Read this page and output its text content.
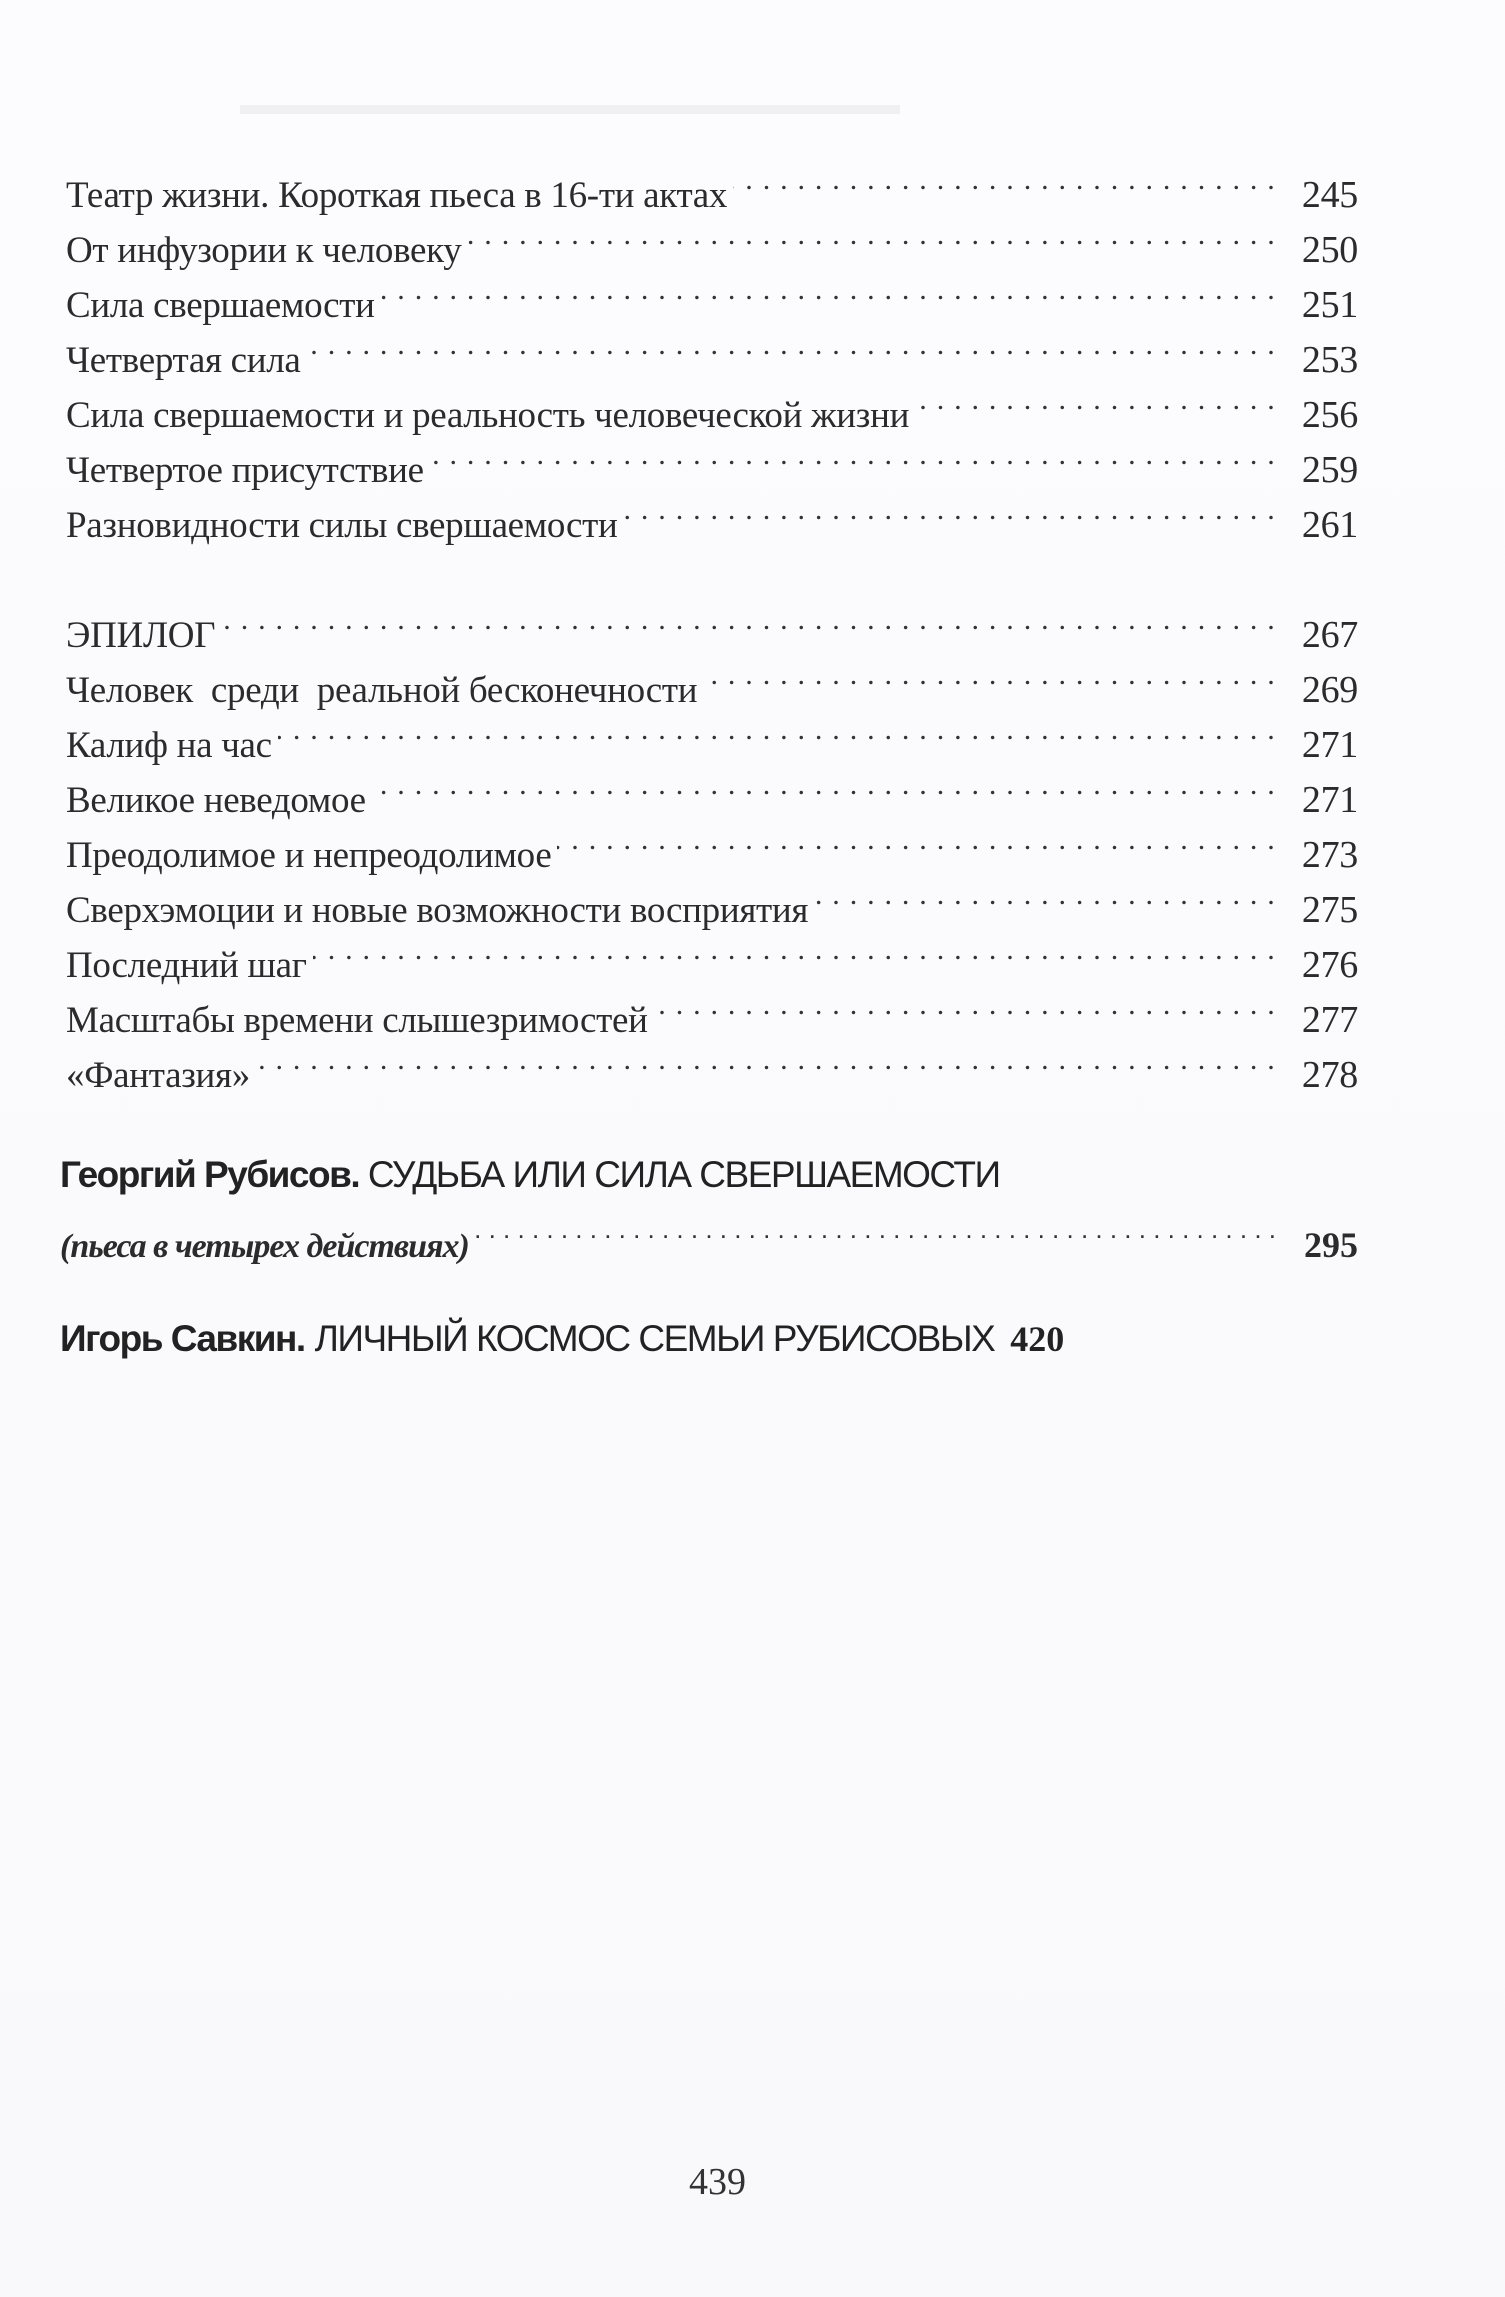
▬▬▬▬▬▬▬▬▬▬▬▬▬▬▬▬▬▬▬▬▬▬
Театр жизни. Короткая пьеса в 16-ти актах . . .	245
От инфузории к человеку . . .	250
Сила свершаемости . . .	251
Четвертая сила . . .	253
Сила свершаемости и реальность человеческой жизни . . .	256
Четвертое присутствие . . .	259
Разновидности силы свершаемости . . .	261
ЭПИЛОГ . . .	267
Человек  среди  реальной бесконечности . . .	269
Калиф на час . . .	271
Великое неведомое . . .	271
Преодолимое и непреодолимое . . .	273
Сверхэмоции и новые возможности восприятия . . .	275
Последний шаг . . .	276
Масштабы времени слышезримостей . . .	277
«Фантазия» . . .	278
Георгий Рубисов. СУДЬБА ИЛИ СИЛА СВЕРШАЕМОСТИ
(пьеса в четырех действиях) . . .	295
Игорь Савкин. ЛИЧНЫЙ КОСМОС СЕМЬИ РУБИСОВЫХ 420
439
